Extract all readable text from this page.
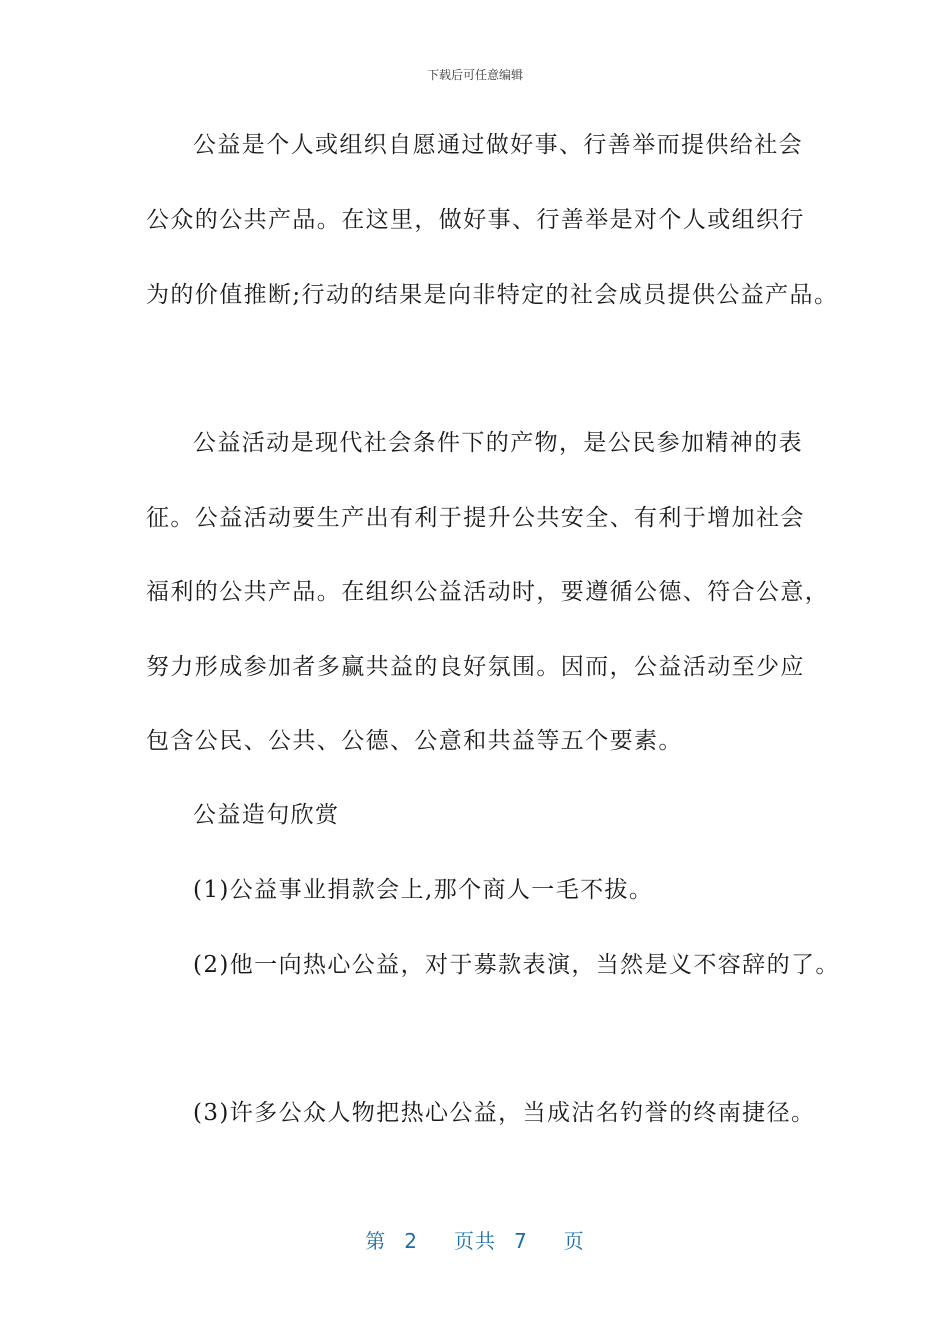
下载后可任意编辑
公益是个人或组织自愿通过做好事、行善举而提供给社会
公众的公共产品。在这里，做好事、行善举是对个人或组织行
为的价值推断;行动的结果是向非特定的社会成员提供公益产品。
公益活动是现代社会条件下的产物，是公民参加精神的表
征。公益活动要生产出有利于提升公共安全、有利于增加社会
福利的公共产品。在组织公益活动时，要遵循公德、符合公意，
努力形成参加者多赢共益的良好氛围。因而，公益活动至少应
包含公民、公共、公德、公意和共益等五个要素。
公益造句欣赏
(1)公益事业捐款会上,那个商人一毛不拔。
(2)他一向热心公益，对于募款表演，当然是义不容辞的了。
(3)许多公众人物把热心公益，当成沽名钓誉的终南捷径。
第 2 页共 7 页
